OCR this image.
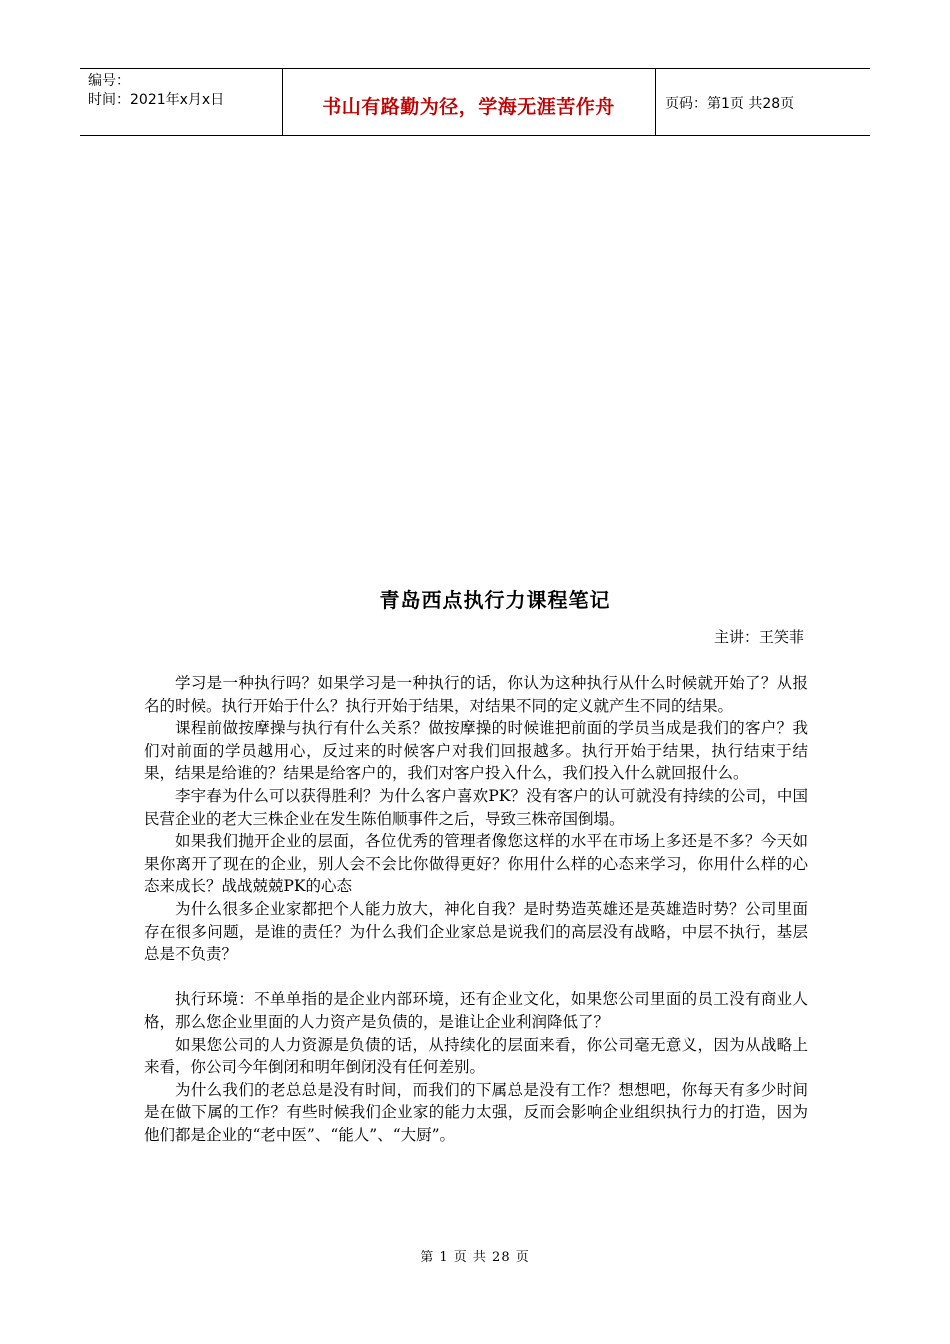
编号：
时间：2021年x月x日	书山有路勤为径，学海无涯苦作舟	页码：第1页 共28页
青岛西点执行力课程笔记
主讲：王笑菲

学习是一种执行吗？如果学习是一种执行的话，你认为这种执行从什么时候就开始了？从报名的时候。执行开始于什么？执行开始于结果，对结果不同的定义就产生不同的结果。

课程前做按摩操与执行有什么关系？做按摩操的时候谁把前面的学员当成是我们的客户？我们对前面的学员越用心，反过来的时候客户对我们回报越多。执行开始于结果，执行结束于结果，结果是给谁的？结果是给客户的，我们对客户投入什么，我们投入什么就回报什么。

李宇春为什么可以获得胜利？为什么客户喜欢PK？没有客户的认可就没有持续的公司，中国民营企业的老大三株企业在发生陈伯顺事件之后，导致三株帝国倒塌。

如果我们抛开企业的层面，各位优秀的管理者像您这样的水平在市场上多还是不多？今天如果你离开了现在的企业，别人会不会比你做得更好？你用什么样的心态来学习，你用什么样的心态来成长？战战兢兢PK的心态

为什么很多企业家都把个人能力放大，神化自我？是时势造英雄还是英雄造时势？公司里面存在很多问题，是谁的责任？为什么我们企业家总是说我们的高层没有战略，中层不执行，基层总是不负责？

执行环境：不单单指的是企业内部环境，还有企业文化，如果您公司里面的员工没有商业人格，那么您企业里面的人力资产是负债的，是谁让企业利润降低了？

如果您公司的人力资源是负债的话，从持续化的层面来看，你公司毫无意义，因为从战略上来看，你公司今年倒闭和明年倒闭没有任何差别。

为什么我们的老总总是没有时间，而我们的下属总是没有工作？想想吧，你每天有多少时间是在做下属的工作？有些时候我们企业家的能力太强，反而会影响企业组织执行力的打造，因为他们都是企业的“老中医”、“能人”、“大厨”。

第 1 页 共 28 页
